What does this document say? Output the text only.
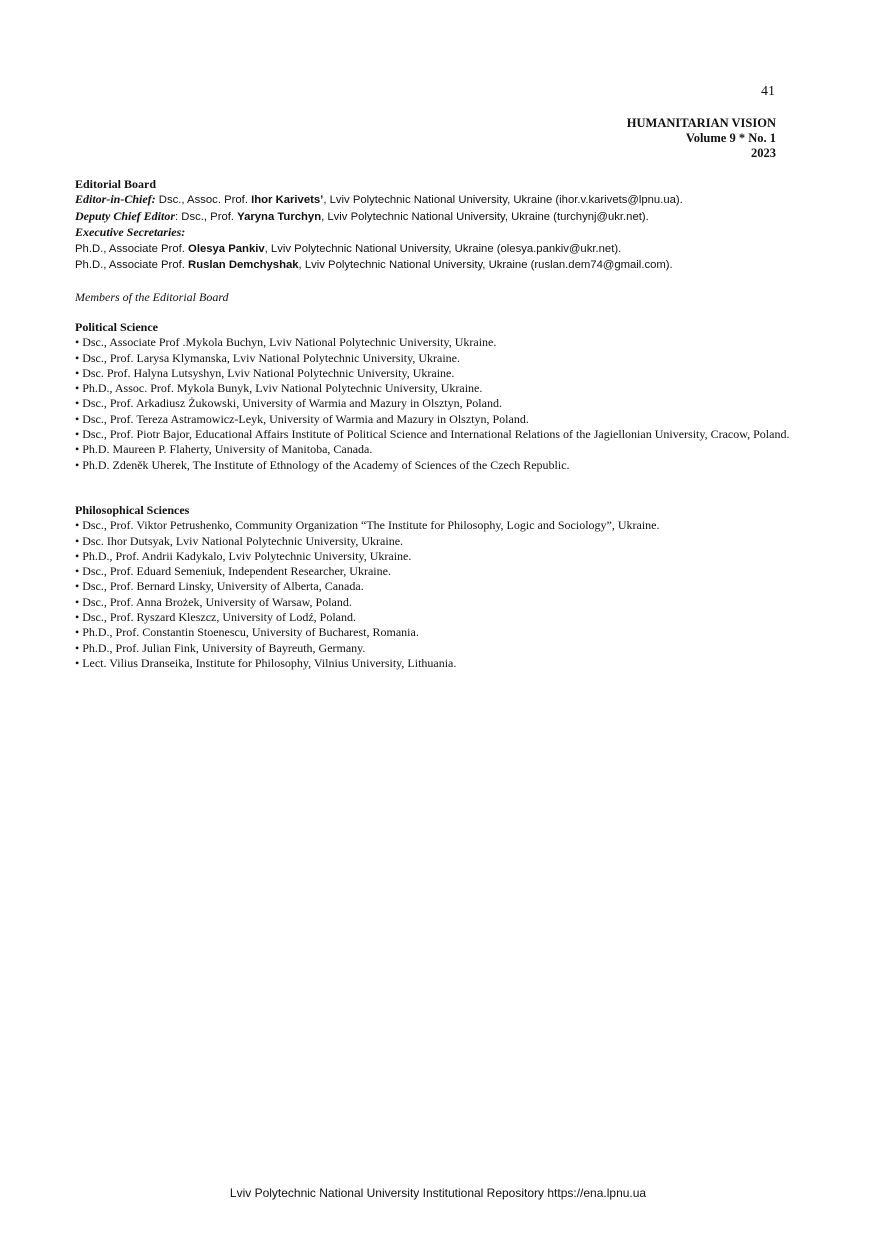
41
HUMANITARIAN VISION
Volume 9 * No. 1
2023
Editorial Board
Editor-in-Chief: Dsc., Assoc. Prof. Ihor Karivets’, Lviv Polytechnic National University, Ukraine (ihor.v.karivets@lpnu.ua).
Deputy Chief Editor: Dsc., Prof. Yaryna Turchyn, Lviv Polytechnic National University, Ukraine (turchynj@ukr.net).
Executive Secretaries:
Ph.D., Associate Prof. Olesya Pankiv, Lviv Polytechnic National University, Ukraine (olesya.pankiv@ukr.net).
Ph.D., Associate Prof. Ruslan Demchyshak, Lviv Polytechnic National University, Ukraine (ruslan.dem74@gmail.com).
Members of the Editorial Board
Political Science
• Dsc., Associate Prof .Mykola Buchyn, Lviv National Polytechnic University, Ukraine.
• Dsc., Prof. Larysa Klymanska, Lviv National Polytechnic University, Ukraine.
• Dsc. Prof. Halyna Lutsyshyn, Lviv National Polytechnic University, Ukraine.
• Ph.D., Assoc. Prof. Mykola Bunyk, Lviv National Polytechnic University, Ukraine.
• Dsc., Prof. Arkadiusz Żukowski, University of Warmia and Mazury in Olsztyn, Poland.
• Dsc., Prof. Tereza Astramowicz-Leyk, University of Warmia and Mazury in Olsztyn, Poland.
• Dsc., Prof. Piotr Bajor, Educational Affairs Institute of Political Science and International Relations of the Jagiellonian University, Cracow, Poland.
• Ph.D. Maureen P. Flaherty, University of Manitoba, Canada.
• Ph.D. Zdeněk Uherek, The Institute of Ethnology of the Academy of Sciences of the Czech Republic.
Philosophical Sciences
• Dsc., Prof. Viktor Petrushenko, Community Organization “The Institute for Philosophy, Logic and Sociology”, Ukraine.
• Dsc. Ihor Dutsyak, Lviv National Polytechnic University, Ukraine.
• Ph.D., Prof. Andrii Kadykalo, Lviv Polytechnic University, Ukraine.
• Dsc., Prof. Eduard Semeniuk, Independent Researcher, Ukraine.
• Dsc., Prof. Bernard Linsky, University of Alberta, Canada.
• Dsc., Prof. Anna Brożek, University of Warsaw, Poland.
• Dsc., Prof. Ryszard Kleszcz, University of Lodź, Poland.
• Ph.D., Prof. Constantin Stoenescu, University of Bucharest, Romania.
• Ph.D., Prof. Julian Fink, University of Bayreuth, Germany.
• Lect. Vilius Dranseika, Institute for Philosophy, Vilnius University, Lithuania.
Lviv Polytechnic National University Institutional Repository https://ena.lpnu.ua
